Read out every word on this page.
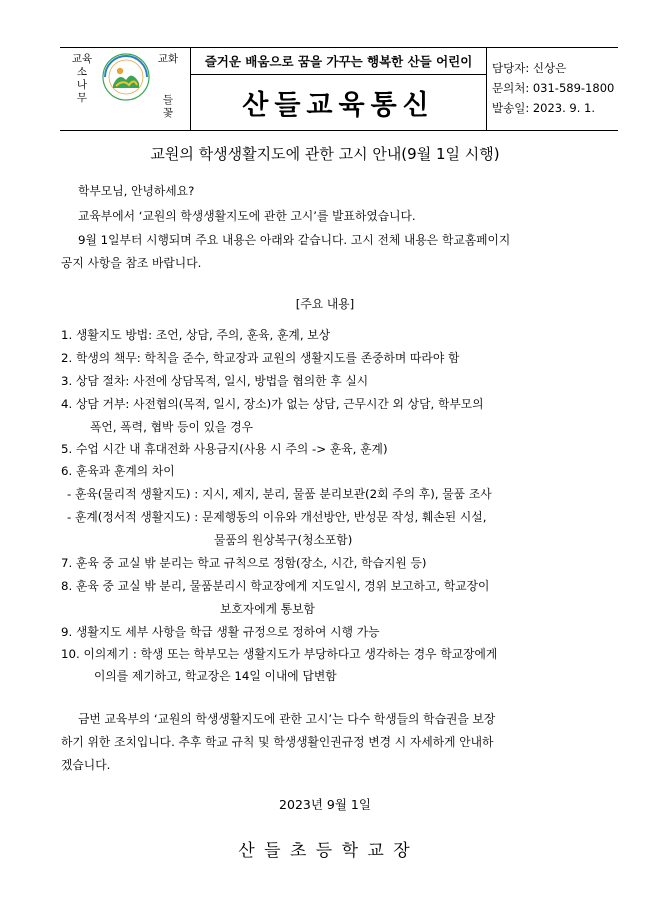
교육
소
나
무
교화
들
꽃
즐거운 배움으로 꿈을 가꾸는 행복한 산들 어린이
산들교육통신
담당자: 신상은
문의처: 031-589-1800
발송일: 2023. 9. 1.
교원의 학생생활지도에 관한 고시 안내(9월 1일 시행)
학부모님, 안녕하세요?
교육부에서 ‘교원의 학생생활지도에 관한 고시’를 발표하였습니다.
9월 1일부터 시행되며 주요 내용은 아래와 같습니다. 고시 전체 내용은 학교홈페이지
공지 사항을 참조 바랍니다.
[주요 내용]
1. 생활지도 방법: 조언, 상담, 주의, 훈육, 훈계, 보상
2. 학생의 책무: 학칙을 준수, 학교장과 교원의 생활지도를 존중하며 따라야 함
3. 상담 절차: 사전에 상담목적, 일시, 방법을 협의한 후 실시
4. 상담 거부: 사전협의(목적, 일시, 장소)가 없는 상담, 근무시간 외 상담, 학부모의
폭언, 폭력, 협박 등이 있을 경우
5. 수업 시간 내 휴대전화 사용금지(사용 시 주의 -> 훈육, 훈계)
6. 훈육과 훈계의 차이
- 훈육(물리적 생활지도) : 지시, 제지, 분리, 물품 분리보관(2회 주의 후), 물품 조사
- 훈계(정서적 생활지도) : 문제행동의 이유와 개선방안, 반성문 작성, 훼손된 시설,
물품의 원상복구(청소포함)
7. 훈육 중 교실 밖 분리는 학교 규칙으로 정함(장소, 시간, 학습지원 등)
8. 훈육 중 교실 밖 분리, 물품분리시 학교장에게 지도일시, 경위 보고하고, 학교장이
보호자에게 통보함
9. 생활지도 세부 사항을 학급 생활 규정으로 정하여 시행 가능
10. 이의제기 : 학생 또는 학부모는 생활지도가 부당하다고 생각하는 경우 학교장에게
이의를 제기하고, 학교장은 14일 이내에 답변함
금번 교육부의 ‘교원의 학생생활지도에 관한 고시’는 다수 학생들의 학습권을 보장
하기 위한 조치입니다. 추후 학교 규칙 및 학생생활인권규정 변경 시 자세하게 안내하
겠습니다.
2023년 9월 1일
산 들 초 등 학 교 장
